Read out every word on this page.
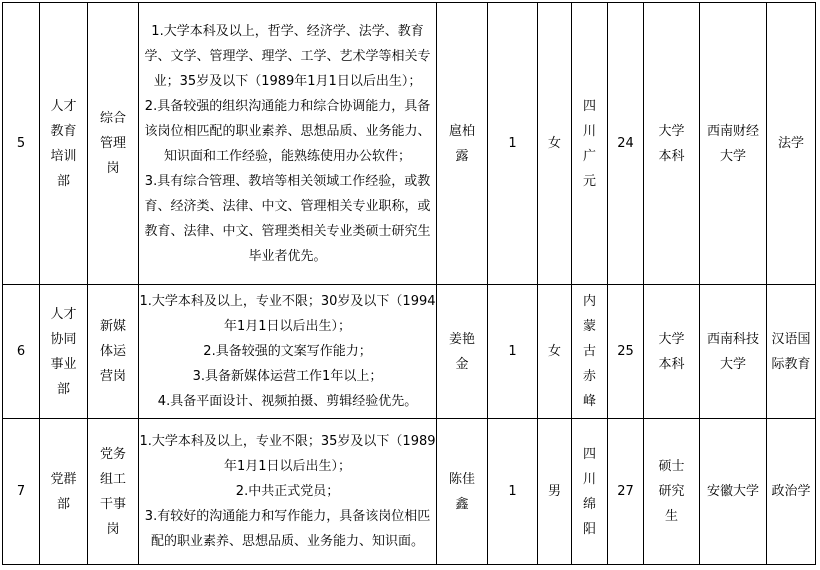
5	人才教育培训部	综合管理岗	1.大学本科及以上，哲学、经济学、法学、教育学、文学、管理学、理学、工学、艺术学等相关专业；35岁及以下（1989年1月1日以后出生）；
2.具备较强的组织沟通能力和综合协调能力，具备该岗位相匹配的职业素养、思想品质、业务能力、知识面和工作经验，能熟练使用办公软件；
3.具有综合管理、教培等相关领域工作经验，或教育、经济类、法律、中文、管理相关专业职称，或教育、法律、中文、管理类相关专业类硕士研究生毕业者优先。	扈柏露	1	女	四川广元	24	大学本科	西南财经大学	法学
6	人才协同事业部	新媒体运营岗	1.大学本科及以上，专业不限；30岁及以下（1994年1月1日以后出生）；
2.具备较强的文案写作能力；
3.具备新媒体运营工作1年以上；
4.具备平面设计、视频拍摄、剪辑经验优先。	姜艳金	1	女	内蒙古赤峰	25	大学本科	西南科技大学	汉语国际教育
7	党群部	党务组工干事岗	1.大学本科及以上，专业不限；35岁及以下（1989年1月1日以后出生）；
2.中共正式党员；
3.有较好的沟通能力和写作能力，具备该岗位相匹配的职业素养、思想品质、业务能力、知识面。	陈佳鑫	1	男	四川绵阳	27	硕士研究生	安徽大学	政治学
